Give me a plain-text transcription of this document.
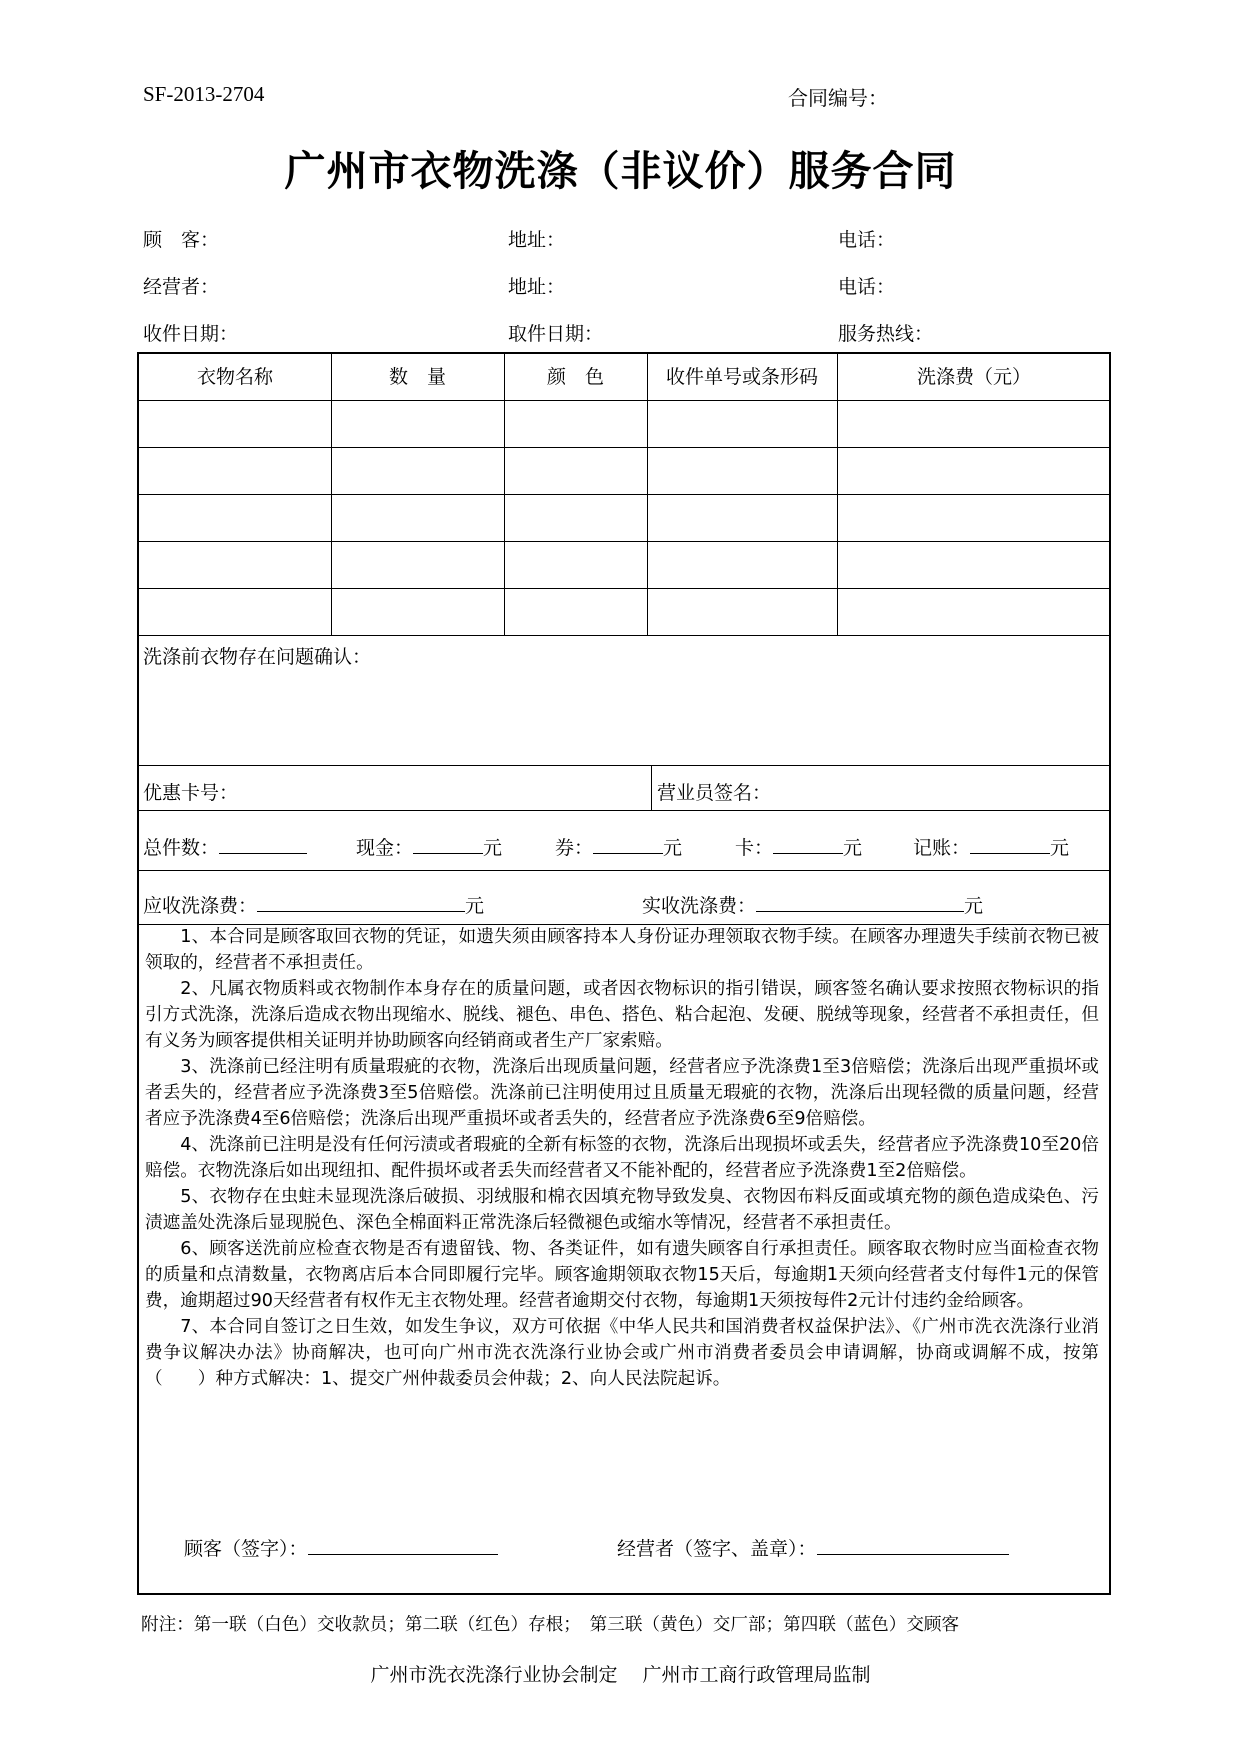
SF-2013-2704	合同编号：
广州市衣物洗涤（非议价）服务合同
顾　客：	地址：	电话：
经营者：	地址：	电话：
收件日期：	取件日期：	服务热线：
衣物名称	数　量	颜　色	收件单号或条形码	洗涤费（元）
洗涤前衣物存在问题确认：
优惠卡号：	营业员签名：
总件数：	现金：	元	券：	元	卡：	元	记账：	元
应收洗涤费：	元	实收洗涤费：	元

1、本合同是顾客取回衣物的凭证，如遗失须由顾客持本人身份证办理领取衣物手续。在顾客办理遗失手续前衣物已被领取的，经营者不承担责任。

2、凡属衣物质料或衣物制作本身存在的质量问题，或者因衣物标识的指引错误，顾客签名确认要求按照衣物标识的指引方式洗涤，洗涤后造成衣物出现缩水、脱线、褪色、串色、搭色、粘合起泡、发硬、脱绒等现象，经营者不承担责任，但有义务为顾客提供相关证明并协助顾客向经销商或者生产厂家索赔。

3、洗涤前已经注明有质量瑕疵的衣物，洗涤后出现质量问题，经营者应予洗涤费1至3倍赔偿；洗涤后出现严重损坏或者丢失的，经营者应予洗涤费3至5倍赔偿。洗涤前已注明使用过且质量无瑕疵的衣物，洗涤后出现轻微的质量问题，经营者应予洗涤费4至6倍赔偿；洗涤后出现严重损坏或者丢失的，经营者应予洗涤费6至9倍赔偿。

4、洗涤前已注明是没有任何污渍或者瑕疵的全新有标签的衣物，洗涤后出现损坏或丢失，经营者应予洗涤费10至20倍赔偿。衣物洗涤后如出现纽扣、配件损坏或者丢失而经营者又不能补配的，经营者应予洗涤费1至2倍赔偿。

5、衣物存在虫蛀未显现洗涤后破损、羽绒服和棉衣因填充物导致发臭、衣物因布料反面或填充物的颜色造成染色、污渍遮盖处洗涤后显现脱色、深色全棉面料正常洗涤后轻微褪色或缩水等情况，经营者不承担责任。

6、顾客送洗前应检查衣物是否有遗留钱、物、各类证件，如有遗失顾客自行承担责任。顾客取衣物时应当面检查衣物的质量和点清数量，衣物离店后本合同即履行完毕。顾客逾期领取衣物15天后，每逾期1天须向经营者支付每件1元的保管费，逾期超过90天经营者有权作无主衣物处理。经营者逾期交付衣物，每逾期1天须按每件2元计付违约金给顾客。

7、本合同自签订之日生效，如发生争议，双方可依据《中华人民共和国消费者权益保护法》、《广州市洗衣洗涤行业消费争议解决办法》协商解决，也可向广州市洗衣洗涤行业协会或广州市消费者委员会申请调解，协商或调解不成，按第（　　）种方式解决：1、提交广州仲裁委员会仲裁；2、向人民法院起诉。

顾客（签字）：	经营者（签字、盖章）：
附注：第一联（白色）交收款员；第二联（红色）存根；　第三联（黄色）交厂部；第四联（蓝色）交顾客
广州市洗衣洗涤行业协会制定　 广州市工商行政管理局监制
